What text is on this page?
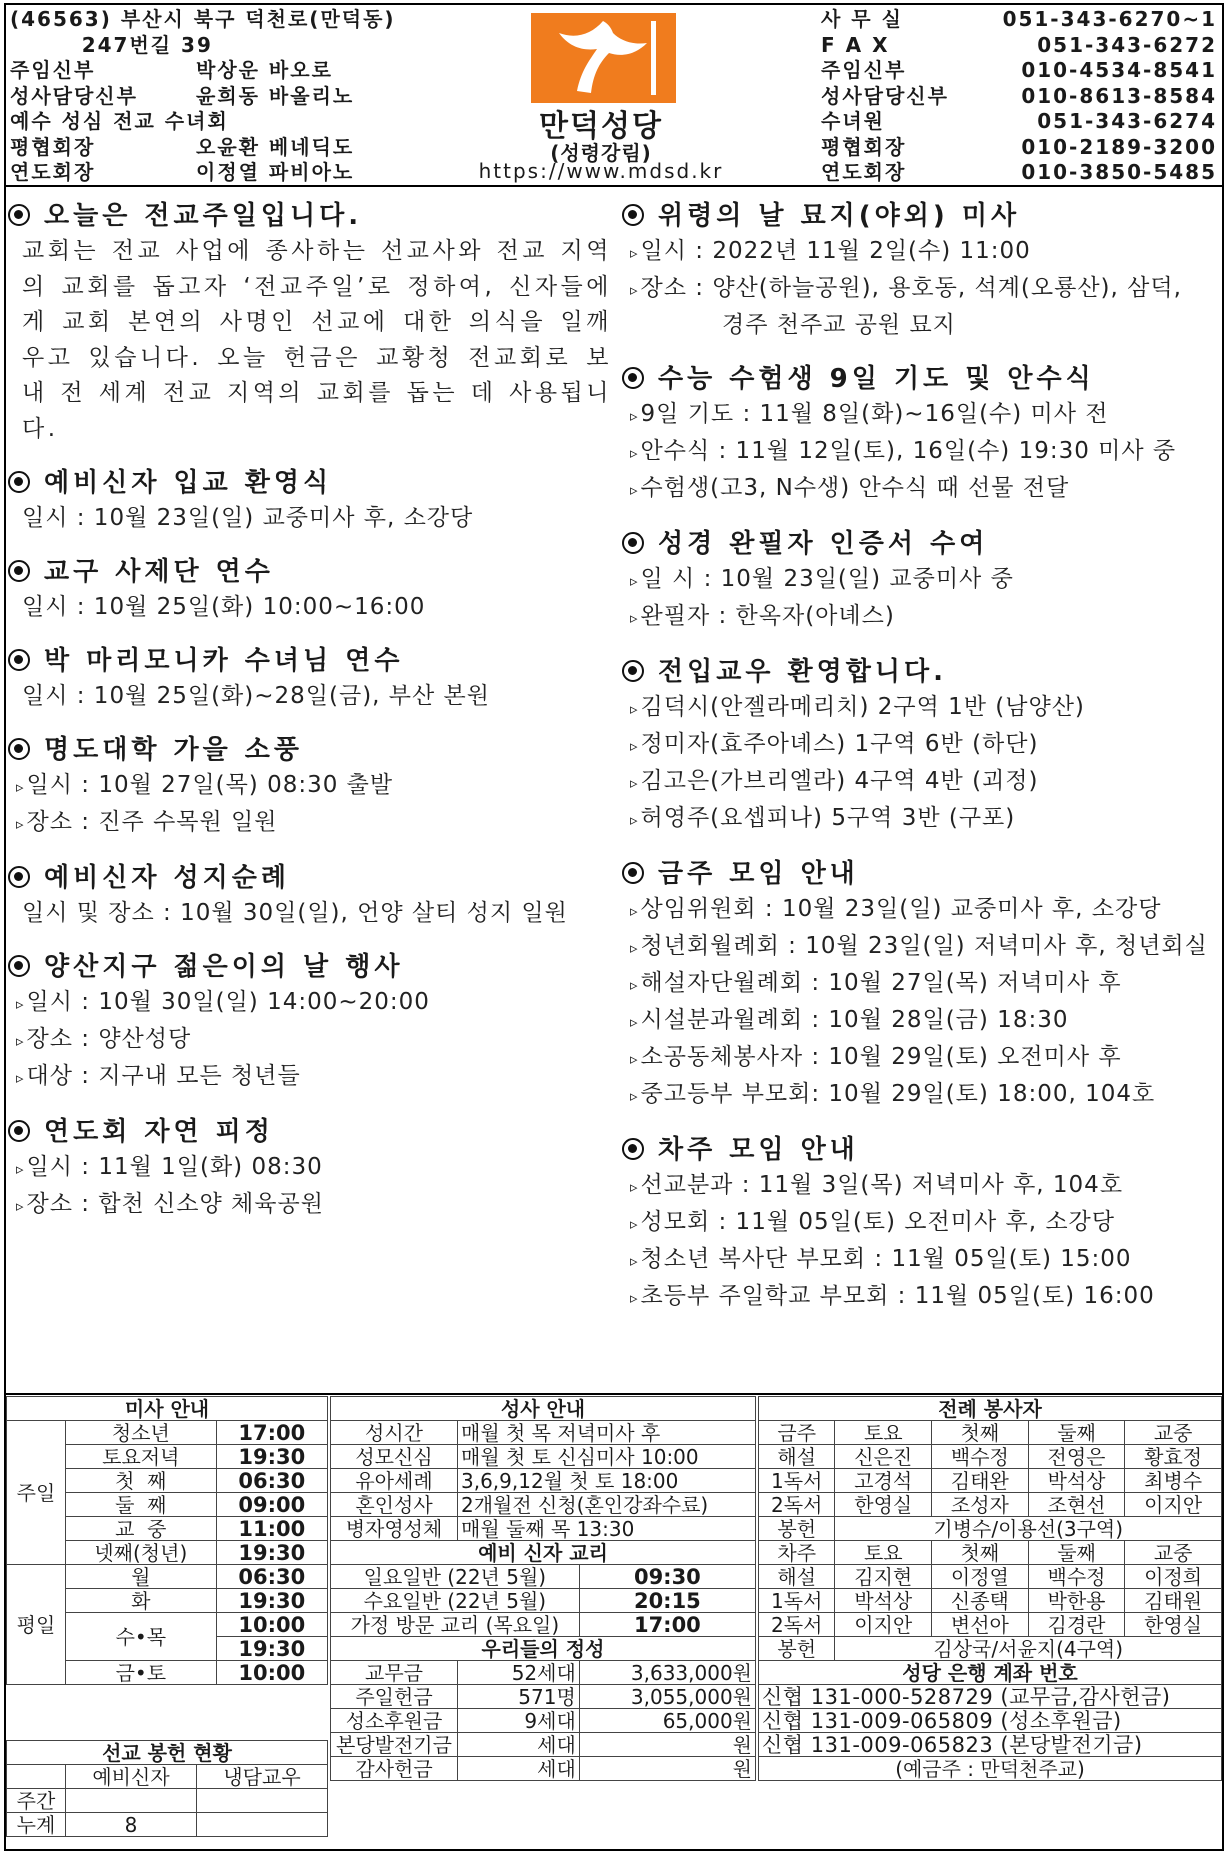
(46563) 부산시 북구 덕천로(만덕동)
247번길 39
주임신부	박상운 바오로
성사담당신부	윤희동 바올리노
예수 성심 전교 수녀회
평협회장	오윤환 베네딕도
연도회장	이정열 파비아노
만덕성당
(성령강림)
https://www.mdsd.kr
사 무 실	051-343-6270~1
F A X	051-343-6272
주임신부	010-4534-8541
성사담당신부	010-8613-8584
수녀원	051-343-6274
평협회장	010-2189-3200
연도회장	010-3850-5485
오늘은 전교주일입니다.
교회는 전교 사업에 종사하는 선교사와 전교 지역의 교회를 돕고자 ‘전교주일’로 정하여, 신자들에게 교회 본연의 사명인 선교에 대한 의식을 일깨우고 있습니다. 오늘 헌금은 교황청 전교회로 보내 전 세계 전교 지역의 교회를 돕는 데 사용됩니다.
예비신자 입교 환영식
일시 : 10월 23일(일) 교중미사 후, 소강당
교구 사제단 연수
일시 : 10월 25일(화) 10:00~16:00
박 마리모니카 수녀님 연수
일시 : 10월 25일(화)~28일(금), 부산 본원
명도대학 가을 소풍
▹ 일시 : 10월 27일(목) 08:30 출발
▹ 장소 : 진주 수목원 일원
예비신자 성지순례
일시 및 장소 : 10월 30일(일), 언양 살티 성지 일원
양산지구 젊은이의 날 행사
▹ 일시 : 10월 30일(일) 14:00~20:00
▹ 장소 : 양산성당
▹ 대상 : 지구내 모든 청년들
연도회 자연 피정
▹ 일시 : 11월 1일(화) 08:30
▹ 장소 : 합천 신소양 체육공원
위령의 날 묘지(야외) 미사
▹ 일시 : 2022년 11월 2일(수) 11:00
▹ 장소 : 양산(하늘공원), 용호동, 석계(오룡산), 삼덕,
경주 천주교 공원 묘지
수능 수험생 9일 기도 및 안수식
▹ 9일 기도 : 11월 8일(화)~16일(수) 미사 전
▹ 안수식 : 11월 12일(토), 16일(수) 19:30 미사 중
▹ 수험생(고3, N수생) 안수식 때 선물 전달
성경 완필자 인증서 수여
▹ 일 시 : 10월 23일(일) 교중미사 중
▹ 완필자 : 한옥자(아녜스)
전입교우 환영합니다.
▹ 김덕시(안젤라메리치) 2구역 1반 (남양산)
▹ 정미자(효주아녜스) 1구역 6반 (하단)
▹ 김고은(가브리엘라) 4구역 4반 (괴정)
▹ 허영주(요셉피나) 5구역 3반 (구포)
금주 모임 안내
▹ 상임위원회 : 10월 23일(일) 교중미사 후, 소강당
▹ 청년회월례회 : 10월 23일(일) 저녁미사 후, 청년회실
▹ 해설자단월례회 : 10월 27일(목) 저녁미사 후
▹ 시설분과월례회 : 10월 28일(금) 18:30
▹ 소공동체봉사자 : 10월 29일(토) 오전미사 후
▹ 중고등부 부모회: 10월 29일(토) 18:00, 104호
차주 모임 안내
▹ 선교분과 : 11월 3일(목) 저녁미사 후, 104호
▹ 성모회 : 11월 05일(토) 오전미사 후, 소강당
▹ 청소년 복사단 부모회 : 11월 05일(토) 15:00
▹ 초등부 주일학교 부모회 : 11월 05일(토) 16:00
미사 안내		
주일	청소년	17:00
	토요저녁	19:30
	첫  째	06:30
	둘  째	09:00
	교  중	11:00
	넷째(청년)	19:30
평일	월	06:30
	화	19:30
	수•목	10:00
		19:30
	금•토	10:00
선교 봉헌 현황		
	예비신자	냉담교우
주간		
누계	8	
성사 안내		
성시간	매월 첫 목 저녁미사 후	
성모신심	매월 첫 토 신심미사 10:00	
유아세례	3,6,9,12월 첫 토 18:00	
혼인성사	2개월전 신청(혼인강좌수료)	
병자영성체	매월 둘째 목 13:30	
예비 신자 교리		
일요일반 (22년 5월)		09:30
수요일반 (22년 5월)		20:15
가정 방문 교리 (목요일)		17:00
우리들의 정성		
교무금	52세대	3,633,000원
주일헌금	571명	3,055,000원
성소후원금	9세대	65,000원
본당발전기금	세대	원
감사헌금	세대	원
전례 봉사자				
금주	토요	첫째	둘째	교중
해설	신은진	백수정	전영은	황효정
1독서	고경석	김태완	박석상	최병수
2독서	한영실	조성자	조현선	이지안
봉헌	기병수/이용선(3구역)			
차주	토요	첫째	둘째	교중
해설	김지현	이정열	백수정	이정희
1독서	박석상	신종택	박한용	김태원
2독서	이지안	변선아	김경란	한영실
봉헌	김상국/서윤지(4구역)			
성당 은행 계좌 번호				
신협 131-000-528729 (교무금,감사헌금)				
신협 131-009-065809 (성소후원금)				
신협 131-009-065823 (본당발전기금)				
(예금주 : 만덕천주교)				
